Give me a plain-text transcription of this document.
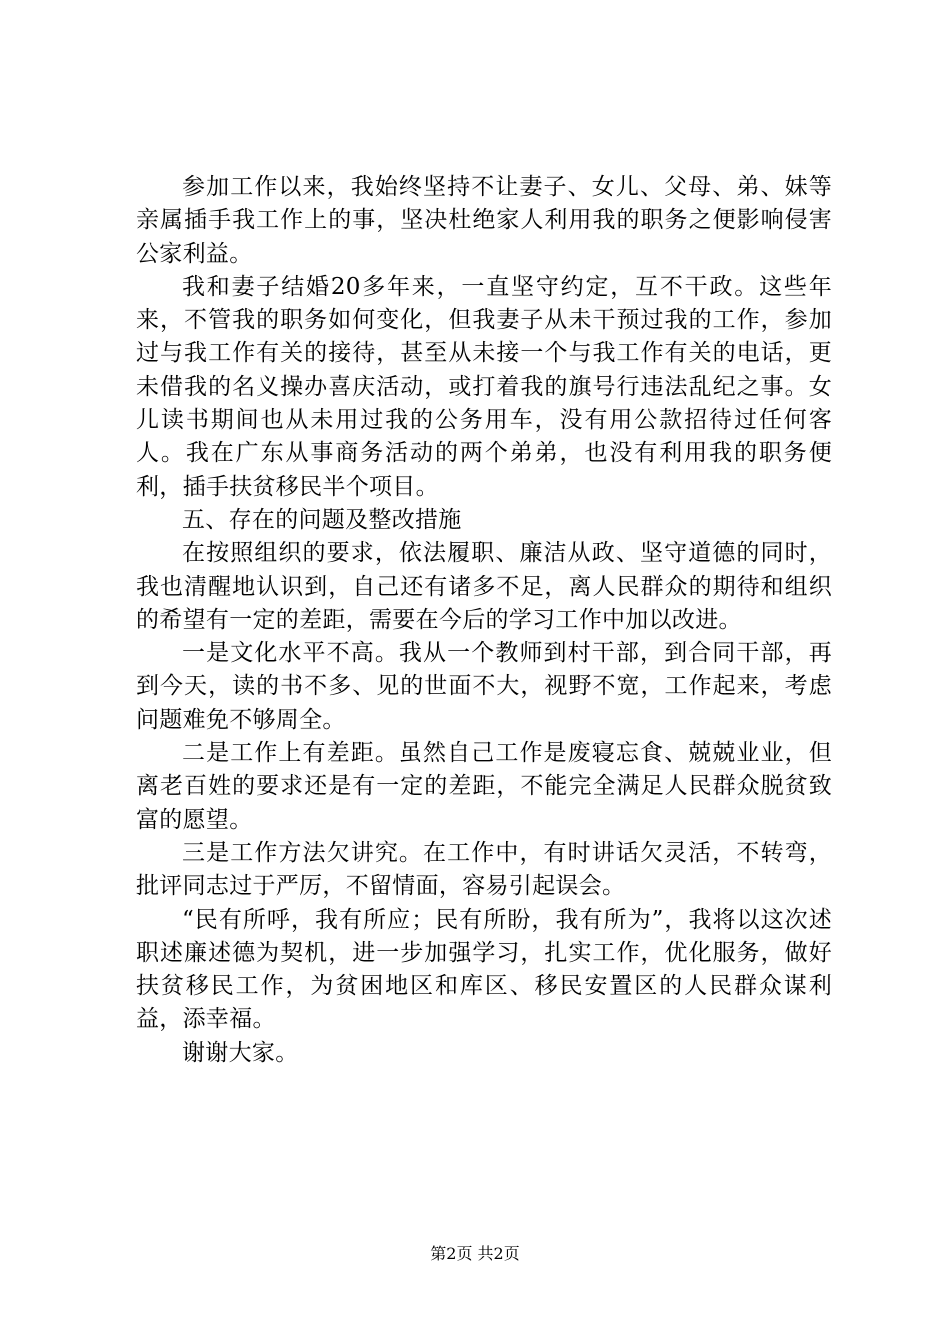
参加工作以来，我始终坚持不让妻子、女儿、父母、弟、妹等亲属插手我工作上的事，坚决杜绝家人利用我的职务之便影响侵害公家利益。

我和妻子结婚20多年来，一直坚守约定，互不干政。这些年来，不管我的职务如何变化，但我妻子从未干预过我的工作，参加过与我工作有关的接待，甚至从未接一个与我工作有关的电话，更未借我的名义操办喜庆活动，或打着我的旗号行违法乱纪之事。女儿读书期间也从未用过我的公务用车，没有用公款招待过任何客人。我在广东从事商务活动的两个弟弟，也没有利用我的职务便利，插手扶贫移民半个项目。

五、存在的问题及整改措施

在按照组织的要求，依法履职、廉洁从政、坚守道德的同时，我也清醒地认识到，自己还有诸多不足，离人民群众的期待和组织的希望有一定的差距，需要在今后的学习工作中加以改进。

一是文化水平不高。我从一个教师到村干部，到合同干部，再到今天，读的书不多、见的世面不大，视野不宽，工作起来，考虑问题难免不够周全。

二是工作上有差距。虽然自己工作是废寝忘食、兢兢业业，但离老百姓的要求还是有一定的差距，不能完全满足人民群众脱贫致富的愿望。

三是工作方法欠讲究。在工作中，有时讲话欠灵活，不转弯，批评同志过于严厉，不留情面，容易引起误会。

“民有所呼，我有所应；民有所盼，我有所为”，我将以这次述职述廉述德为契机，进一步加强学习，扎实工作，优化服务，做好扶贫移民工作，为贫困地区和库区、移民安置区的人民群众谋利益，添幸福。

谢谢大家。

第2页 共2页
